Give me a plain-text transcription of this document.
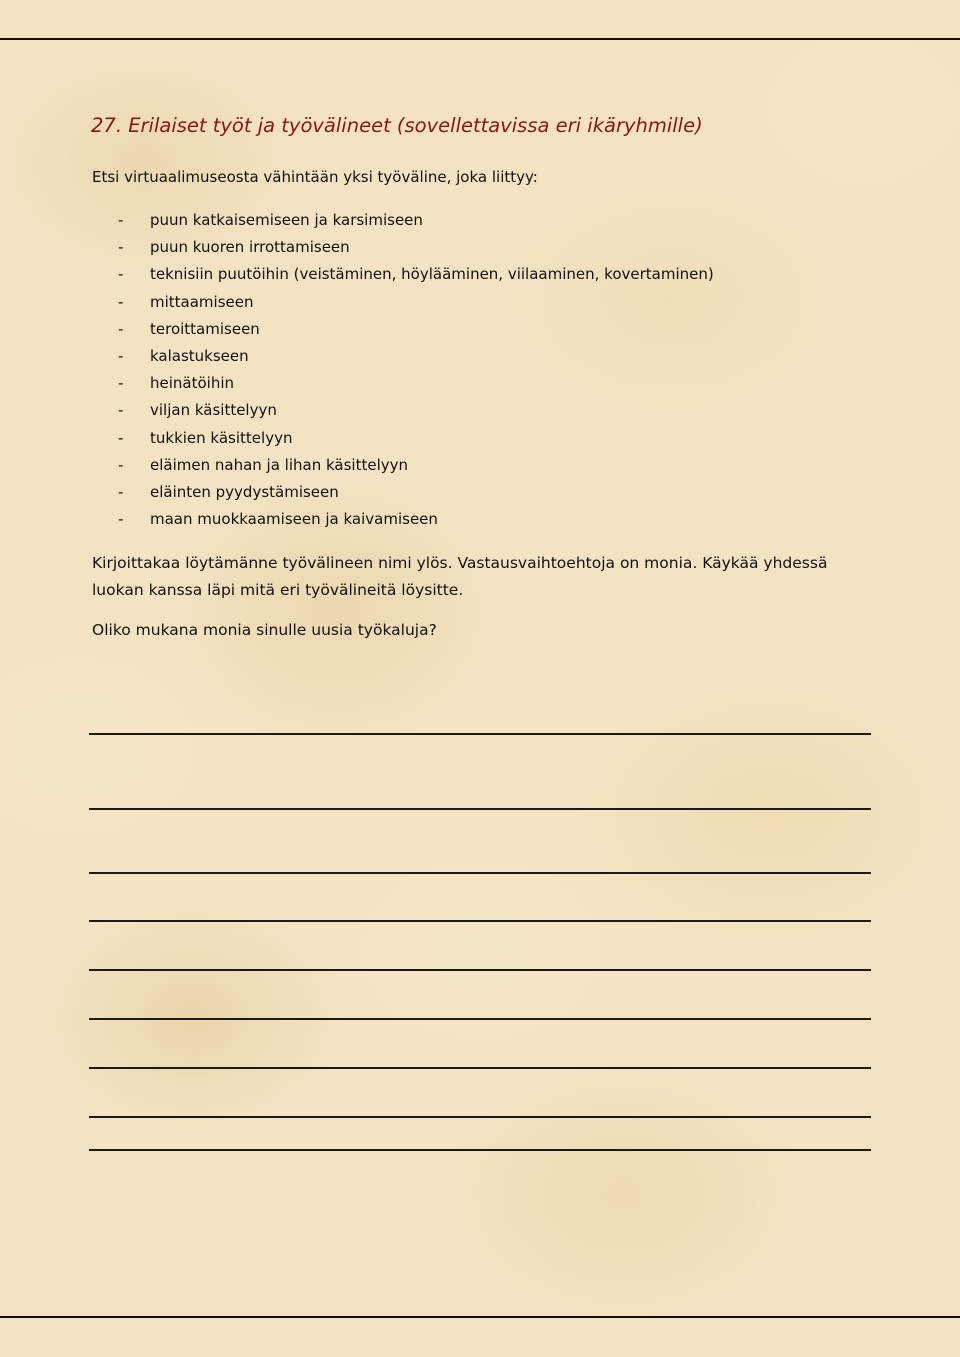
27. Erilaiset työt ja työvälineet (sovellettavissa eri ikäryhmille)

Etsi virtuaalimuseosta vähintään yksi työväline, joka liittyy:

- puun katkaisemiseen ja karsimiseen
- puun kuoren irrottamiseen
- teknisiin puutöihin (veistäminen, höylääminen, viilaaminen, kovertaminen)
- mittaamiseen
- teroittamiseen
- kalastukseen
- heinätöihin
- viljan käsittelyyn
- tukkien käsittelyyn
- eläimen nahan ja lihan käsittelyyn
- eläinten pyydystämiseen
- maan muokkaamiseen ja kaivamiseen

Kirjoittakaa löytämänne työvälineen nimi ylös. Vastausvaihtoehtoja on monia. Käykää yhdessä luokan kanssa läpi mitä eri työvälineitä löysitte.

Oliko mukana monia sinulle uusia työkaluja?
